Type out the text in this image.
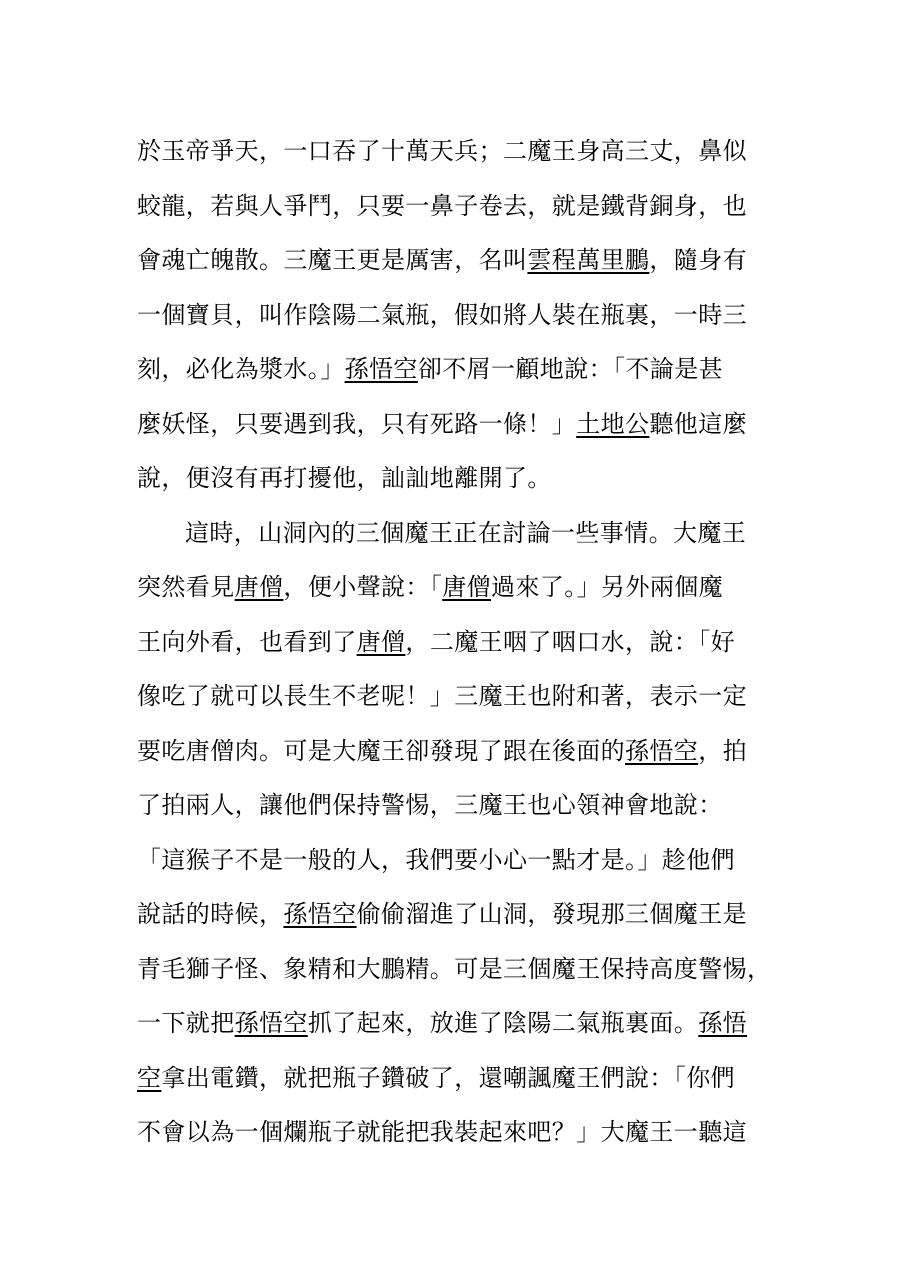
於玉帝爭天，一口吞了十萬天兵；二魔王身高三丈，鼻似
蛟龍，若與人爭鬥，只要一鼻子卷去，就是鐵背銅身，也
會魂亡魄散。三魔王更是厲害，名叫雲程萬里鵬，隨身有
一個寶貝，叫作陰陽二氣瓶，假如將人裝在瓶裏，一時三
刻，必化為漿水。」孫悟空卻不屑一顧地說：「不論是甚
麼妖怪，只要遇到我，只有死路一條！」土地公聽他這麼
說，便沒有再打擾他，訕訕地離開了。
這時，山洞內的三個魔王正在討論一些事情。大魔王
突然看見唐僧，便小聲說：「唐僧過來了。」另外兩個魔
王向外看，也看到了唐僧，二魔王咽了咽口水，說：「好
像吃了就可以長生不老呢！」三魔王也附和著，表示一定
要吃唐僧肉。可是大魔王卻發現了跟在後面的孫悟空，拍
了拍兩人，讓他們保持警惕，三魔王也心領神會地說：
「這猴子不是一般的人，我們要小心一點才是。」趁他們
說話的時候，孫悟空偷偷溜進了山洞，發現那三個魔王是
青毛獅子怪、象精和大鵬精。可是三個魔王保持高度警惕，
一下就把孫悟空抓了起來，放進了陰陽二氣瓶裏面。孫悟
空拿出電鑽，就把瓶子鑽破了，還嘲諷魔王們說：「你們
不會以為一個爛瓶子就能把我裝起來吧？」大魔王一聽這
